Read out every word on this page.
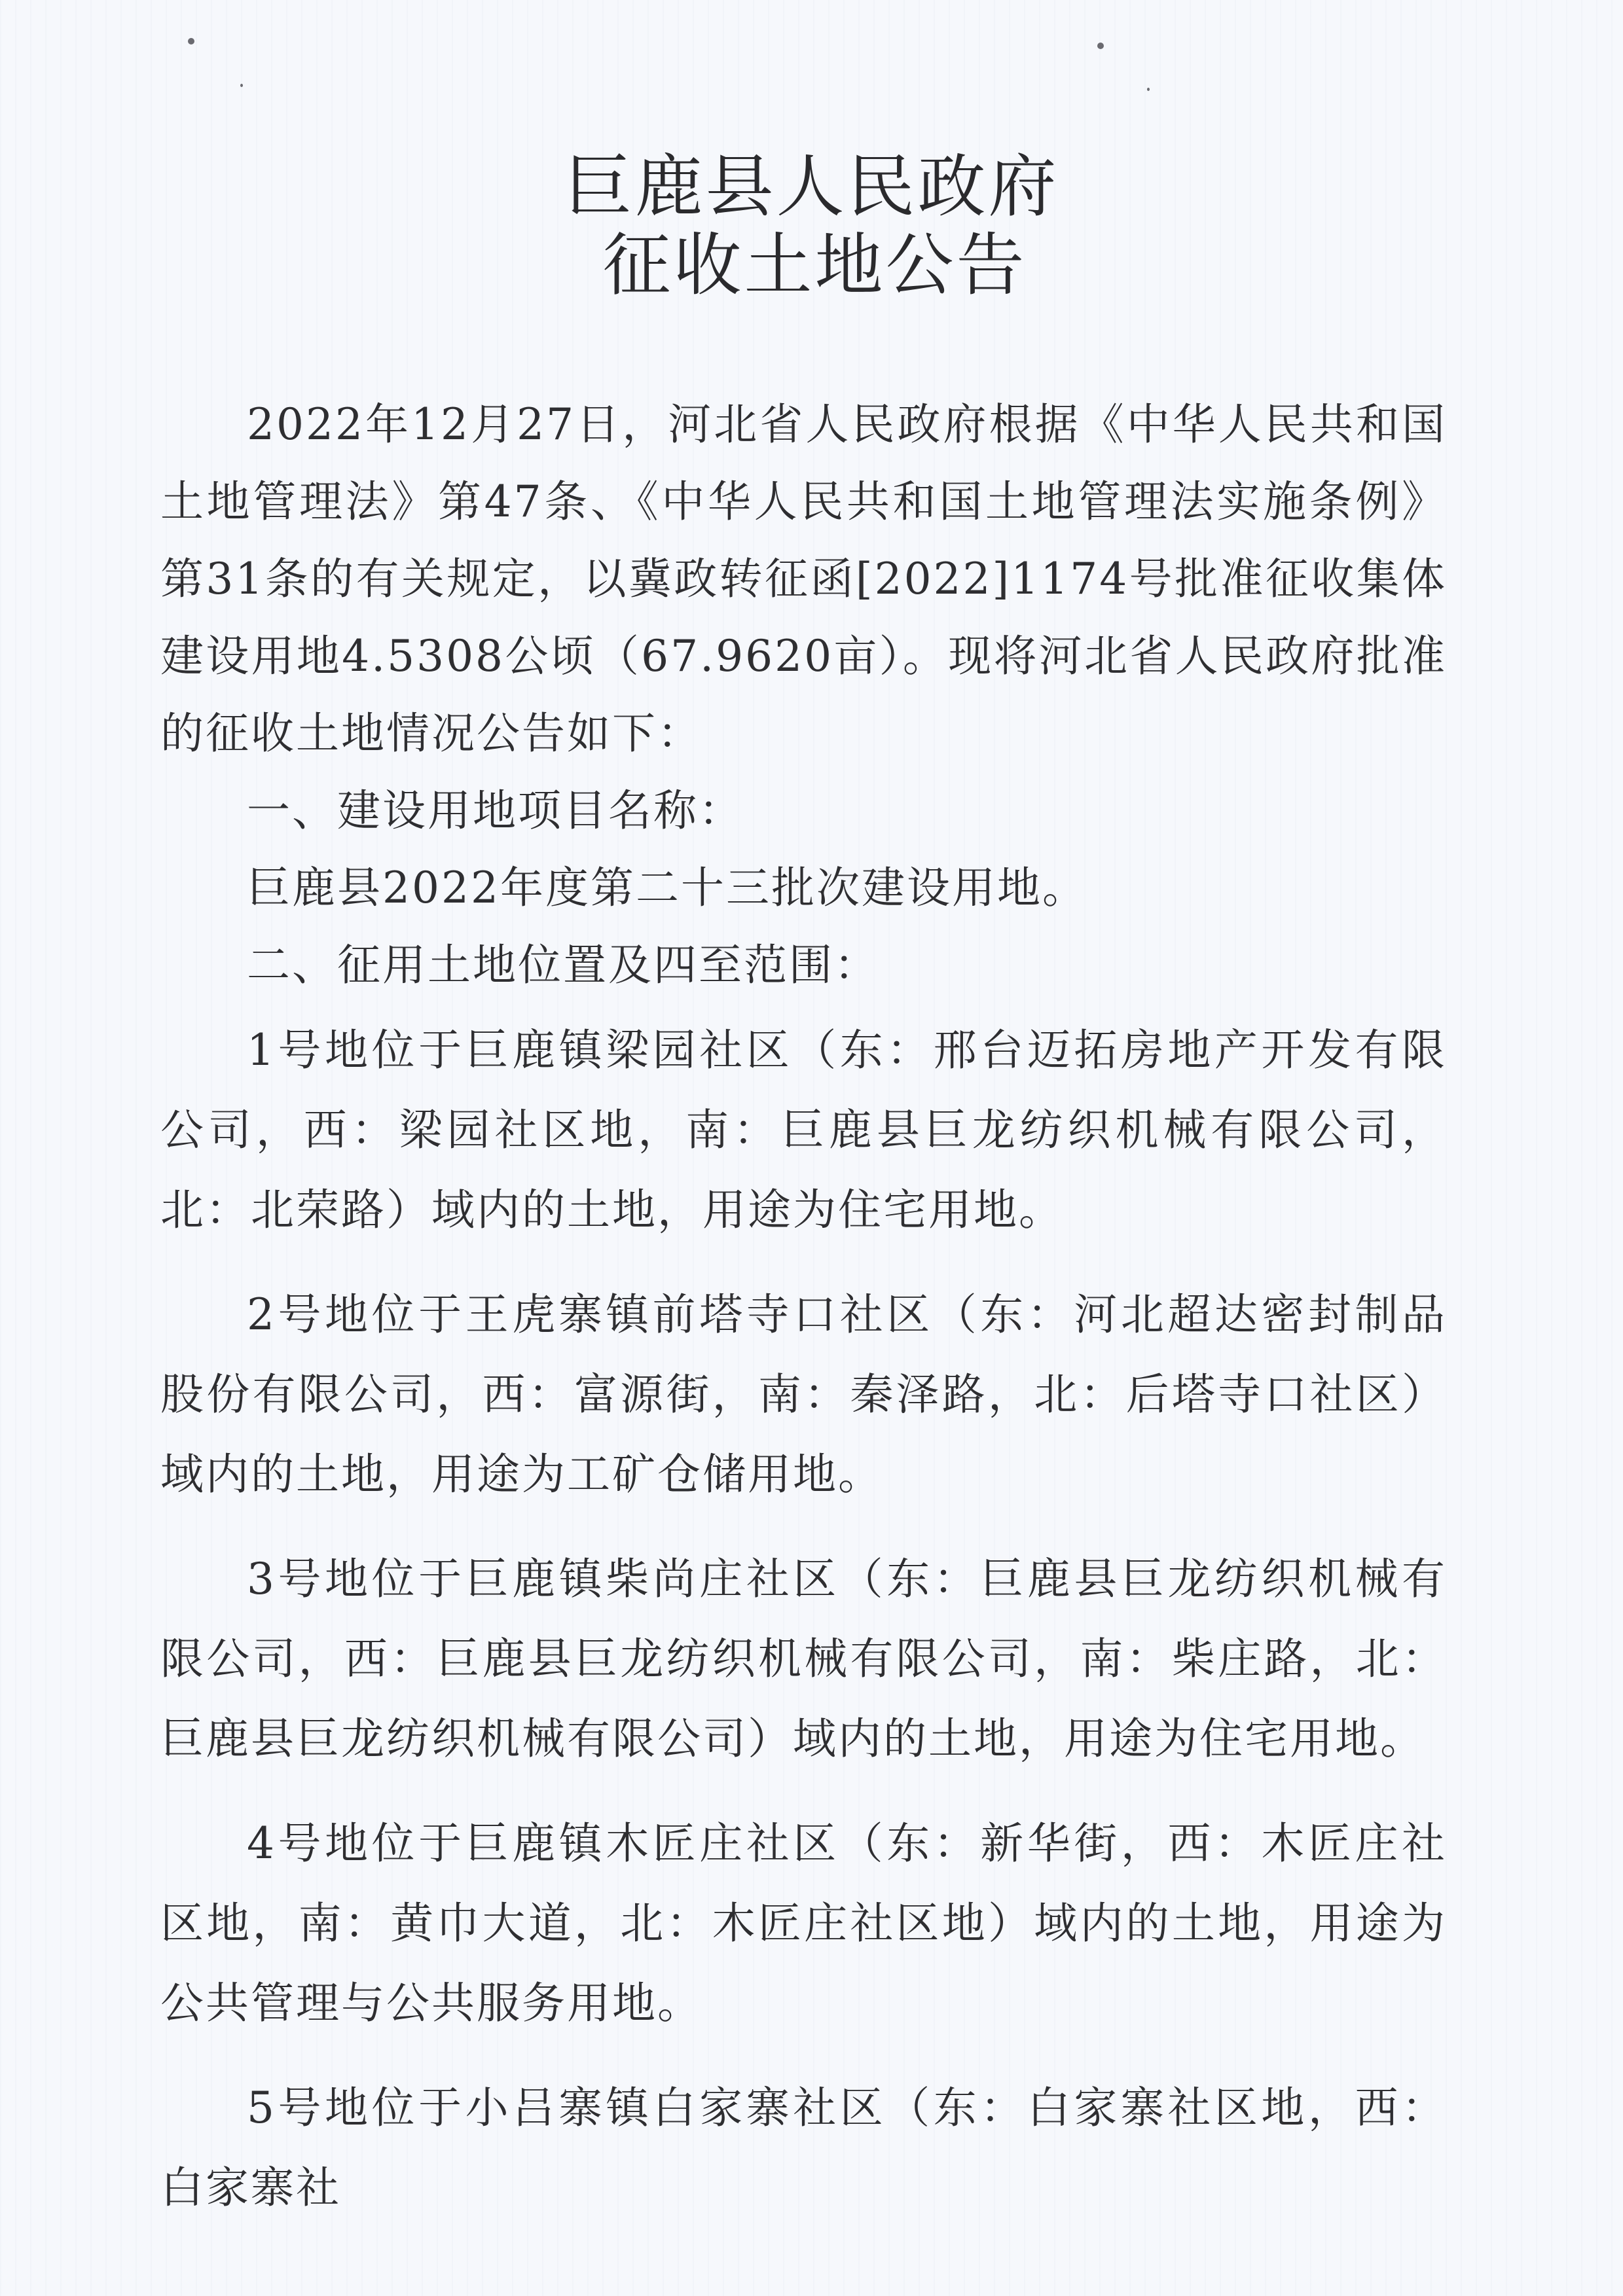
巨鹿县人民政府
征收土地公告

2022年12月27日，河北省人民政府根据《中华人民共和国土地管理法》第47条、《中华人民共和国土地管理法实施条例》第31条的有关规定，以冀政转征函[2022]1174号批准征收集体建设用地4.5308公顷（67.9620亩）。现将河北省人民政府批准的征收土地情况公告如下：

一、建设用地项目名称：

巨鹿县2022年度第二十三批次建设用地。

二、征用土地位置及四至范围：

1号地位于巨鹿镇梁园社区（东：邢台迈拓房地产开发有限公司，西：梁园社区地，南：巨鹿县巨龙纺织机械有限公司，北：北荣路）域内的土地，用途为住宅用地。

2号地位于王虎寨镇前塔寺口社区（东：河北超达密封制品股份有限公司，西：富源街，南：秦泽路，北：后塔寺口社区）域内的土地，用途为工矿仓储用地。

3号地位于巨鹿镇柴尚庄社区（东：巨鹿县巨龙纺织机械有限公司，西：巨鹿县巨龙纺织机械有限公司，南：柴庄路，北：巨鹿县巨龙纺织机械有限公司）域内的土地，用途为住宅用地。

4号地位于巨鹿镇木匠庄社区（东：新华街，西：木匠庄社区地，南：黄巾大道，北：木匠庄社区地）域内的土地，用途为公共管理与公共服务用地。

5号地位于小吕寨镇白家寨社区（东：白家寨社区地，西：白家寨社
